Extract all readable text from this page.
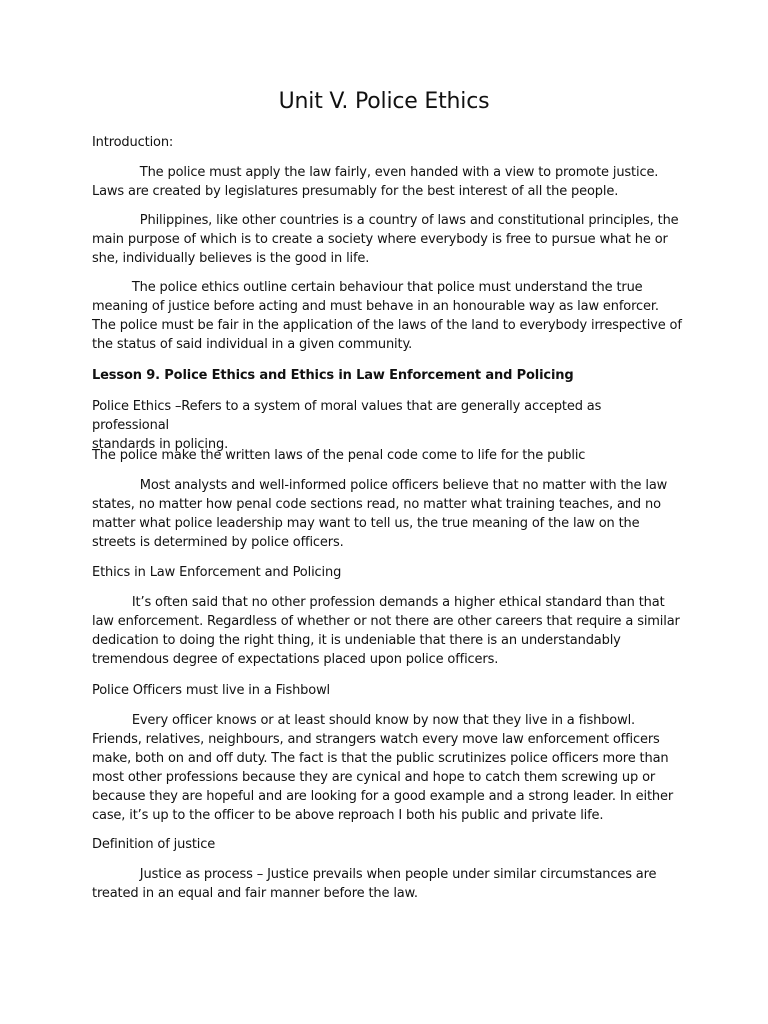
Unit V. Police Ethics

Introduction:

The police must apply the law fairly, even handed with a view to promote justice.
Laws are created by legislatures presumably for the best interest of all the people.

Philippines, like other countries is a country of laws and constitutional principles, the
main purpose of which is to create a society where everybody is free to pursue what he or
she, individually believes is the good in life.

The police ethics outline certain behaviour that police must understand the true
meaning of justice before acting and must behave in an honourable way as law enforcer.
The police must be fair in the application of the laws of the land to everybody irrespective of
the status of said individual in a given community.

Lesson 9. Police Ethics and Ethics in Law Enforcement and Policing

Police Ethics –Refers to a system of moral values that are generally accepted as professional
standards in policing.

The police make the written laws of the penal code come to life for the public

Most analysts and well-informed police officers believe that no matter with the law
states, no matter how penal code sections read, no matter what training teaches, and no
matter what police leadership may want to tell us, the true meaning of the law on the
streets is determined by police officers.

Ethics in Law Enforcement and Policing

It’s often said that no other profession demands a higher ethical standard than that
law enforcement. Regardless of whether or not there are other careers that require a similar
dedication to doing the right thing, it is undeniable that there is an understandably
tremendous degree of expectations placed upon police officers.

Police Officers must live in a Fishbowl

Every officer knows or at least should know by now that they live in a fishbowl.
Friends, relatives, neighbours, and strangers watch every move law enforcement officers
make, both on and off duty. The fact is that the public scrutinizes police officers more than
most other professions because they are cynical and hope to catch them screwing up or
because they are hopeful and are looking for a good example and a strong leader. In either
case, it’s up to the officer to be above reproach I both his public and private life.

Definition of justice

Justice as process – Justice prevails when people under similar circumstances are
treated in an equal and fair manner before the law.
